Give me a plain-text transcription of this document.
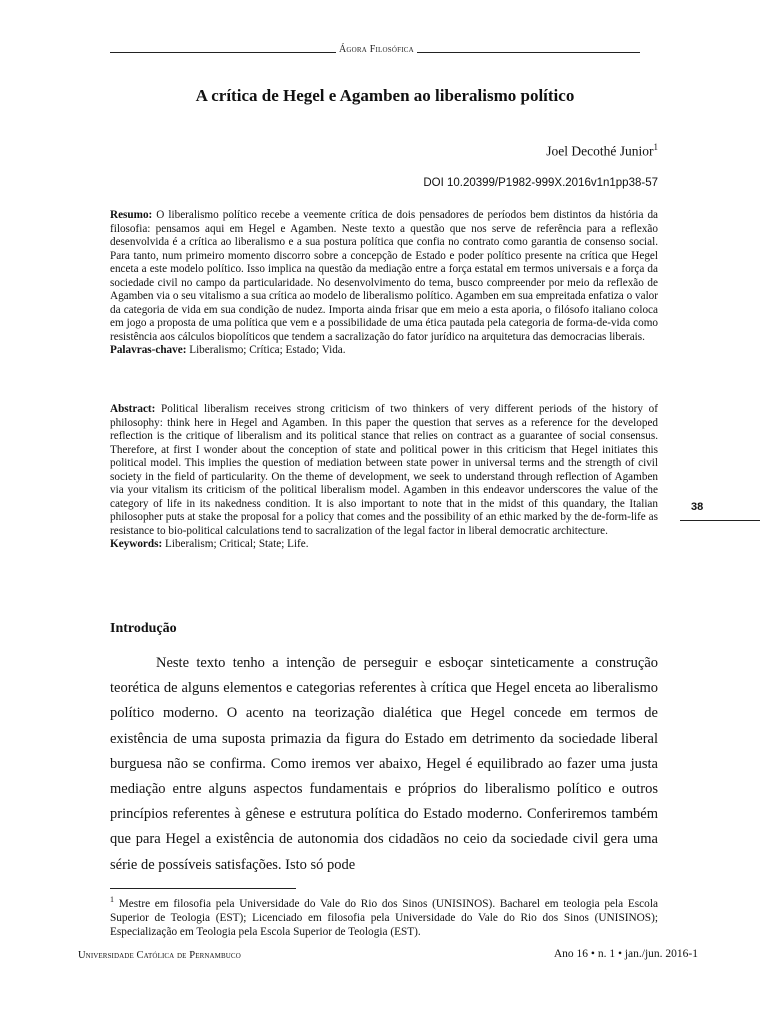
Ágora Filosófica
A crítica de Hegel e Agamben ao liberalismo político
Joel Decothé Junior$^1$
DOI 10.20399/P1982-999X.2016v1n1pp38-57
Resumo: O liberalismo político recebe a veemente crítica de dois pensadores de períodos bem distintos da história da filosofia: pensamos aqui em Hegel e Agamben. Neste texto a questão que nos serve de referência para a reflexão desenvolvida é a crítica ao liberalismo e a sua postura política que confia no contrato como garantia de consenso social. Para tanto, num primeiro momento discorro sobre a concepção de Estado e poder político presente na crítica que Hegel enceta a este modelo político. Isso implica na questão da mediação entre a força estatal em termos universais e a força da sociedade civil no campo da particularidade. No desenvolvimento do tema, busco compreender por meio da reflexão de Agamben via o seu vitalismo a sua crítica ao modelo de liberalismo político. Agamben em sua empreitada enfatiza o valor da categoria de vida em sua condição de nudez. Importa ainda frisar que em meio a esta aporia, o filósofo italiano coloca em jogo a proposta de uma política que vem e a possibilidade de uma ética pautada pela categoria de forma-de-vida como resistência aos cálculos biopolíticos que tendem a sacralização do fator jurídico na arquitetura das democracias liberais.
Palavras-chave: Liberalismo; Crítica; Estado; Vida.
Abstract: Political liberalism receives strong criticism of two thinkers of very different periods of the history of philosophy: think here in Hegel and Agamben. In this paper the question that serves as a reference for the developed reflection is the critique of liberalism and its political stance that relies on contract as a guarantee of social consensus. Therefore, at first I wonder about the conception of state and political power in this criticism that Hegel initiates this political model. This implies the question of mediation between state power in universal terms and the strength of civil society in the field of particularity. On the theme of development, we seek to understand through reflection of Agamben via your vitalism its criticism of the political liberalism model. Agamben in this endeavor underscores the value of the category of life in its nakedness condition. It is also important to note that in the midst of this quandary, the Italian philosopher puts at stake the proposal for a policy that comes and the possibility of an ethic marked by the de-form-life as resistance to bio-political calculations tend to sacralization of the legal factor in liberal democratic architecture.
Keywords: Liberalism; Critical; State; Life.
38
Introdução
Neste texto tenho a intenção de perseguir e esboçar sinteticamente a construção teorética de alguns elementos e categorias referentes à crítica que Hegel enceta ao liberalismo político moderno. O acento na teorização dialética que Hegel concede em termos de existência de uma suposta primazia da figura do Estado em detrimento da sociedade liberal burguesa não se confirma. Como iremos ver abaixo, Hegel é equilibrado ao fazer uma justa mediação entre alguns aspectos fundamentais e próprios do liberalismo político e outros princípios referentes à gênese e estrutura política do Estado moderno. Conferiremos também que para Hegel a existência de autonomia dos cidadãos no ceio da sociedade civil gera uma série de possíveis satisfações. Isto só pode
$^1$ Mestre em filosofia pela Universidade do Vale do Rio dos Sinos (UNISINOS). Bacharel em teologia pela Escola Superior de Teologia (EST); Licenciado em filosofia pela Universidade do Vale do Rio dos Sinos (UNISINOS); Especialização em Teologia pela Escola Superior de Teologia (EST).
Universidade Católica de Pernambuco	Ano 16 • n. 1 • jan./jun. 2016-1
